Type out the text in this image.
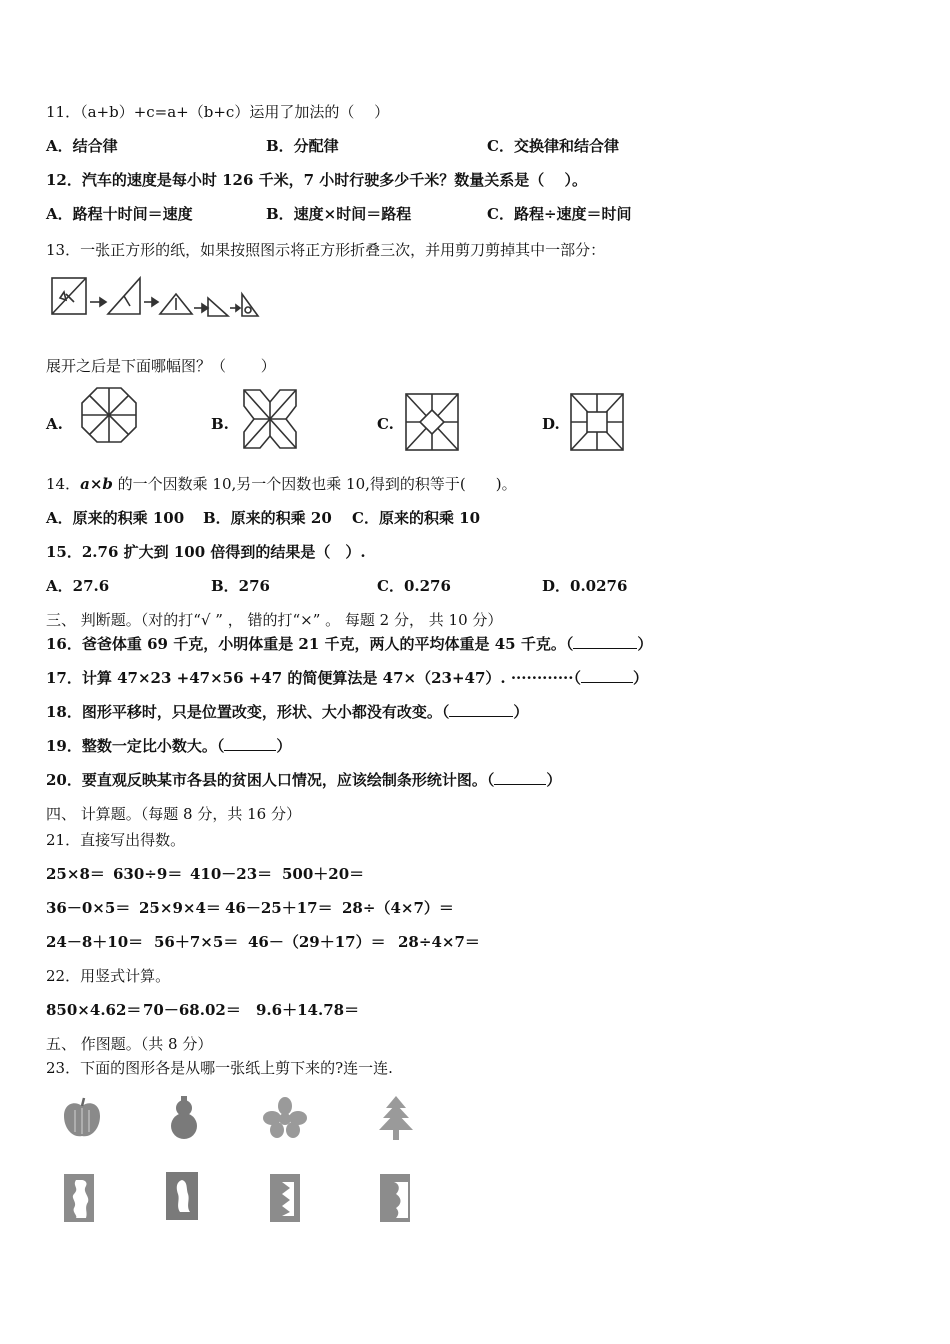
11．（a+b）+c=a+（b+c）运用了加法的（　 ）
A．结合律	B．分配律	C．交换律和结合律
12．汽车的速度是每小时 126 千米，7 小时行驶多少千米？数量关系是（　 ）。
A．路程十时间＝速度	B．速度×时间＝路程	C．路程÷速度＝时间
13．一张正方形的纸，如果按照图示将正方形折叠三次，并用剪刀剪掉其中一部分：
展开之后是下面哪幅图？（　　 ）
A.	B.	C.	D.
14．a×b 的一个因数乘 10,另一个因数也乘 10,得到的积等于(　　)。
A．原来的积乘 100 B．原来的积乘 20 C．原来的积乘 10
15．2.76 扩大到 100 倍得到的结果是（　）.
A．27.6	B．276	C．0.276	D．0.0276
三、 判断题。（对的打“√ ” ， 错的打“×” 。 每题 2 分， 共 10 分）
16．爸爸体重 69 千克，小明体重是 21 千克，两人的平均体重是 45 千克。（	）
17．计算 47×23 +47×56 +47 的简便算法是 47×（23+47）. ············（	）
18．图形平移时，只是位置改变，形状、大小都没有改变。（	）
19．整数一定比小数大。（	）
20．要直观反映某市各县的贫困人口情况，应该绘制条形统计图。（	）
四、 计算题。（每题 8 分，共 16 分）
21．直接写出得数。
25×8＝ 630÷9＝ 410－23＝ 500＋20＝
36－0×5＝ 25×9×4＝ 46－25＋17＝ 28÷（4×7）＝
24－8＋10＝ 56＋7×5＝ 46－（29＋17）＝ 28÷4×7＝
22．用竖式计算。
850×4.62＝ 70－68.02＝ 9.6＋14.78＝
五、 作图题。（共 8 分）
23．下面的图形各是从哪一张纸上剪下来的?连一连.
